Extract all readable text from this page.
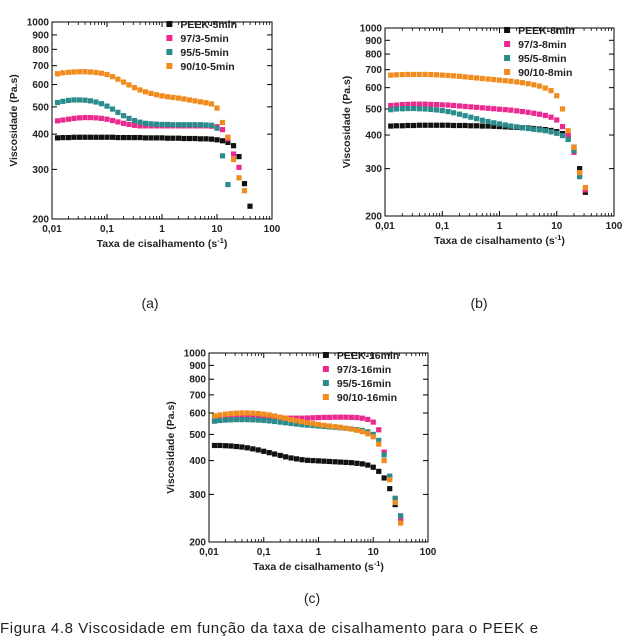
0,01	0,1	1	10	100
200
300
400
500
600
700
800
900
1000
Taxa de cisalhamento $(s^{-1})$
Viscosidade (Pa.s)
PEEK-5min
97/3-5min
95/5-5min
90/10-5min
(a)
0,01	0,1	1	10	100
200
300
400
500
600
700
800
900
1000
Taxa de cisalhamento $(s^{-1})$
Viscosidade (Pa.s)
PEEK-8min
97/3-8min
95/5-8min
90/10-8min
(b)
0,01	0,1	1	10	100
200
300
400
500
600
700
800
900
1000
Taxa de cisalhamento $(s^{-1})$
Viscosidade (Pa.s)
PEEK-16min
97/3-16min
95/5-16min
90/10-16min
(c)
Figura 4.8 Viscosidade em função da taxa de cisalhamento para o PEEK e
